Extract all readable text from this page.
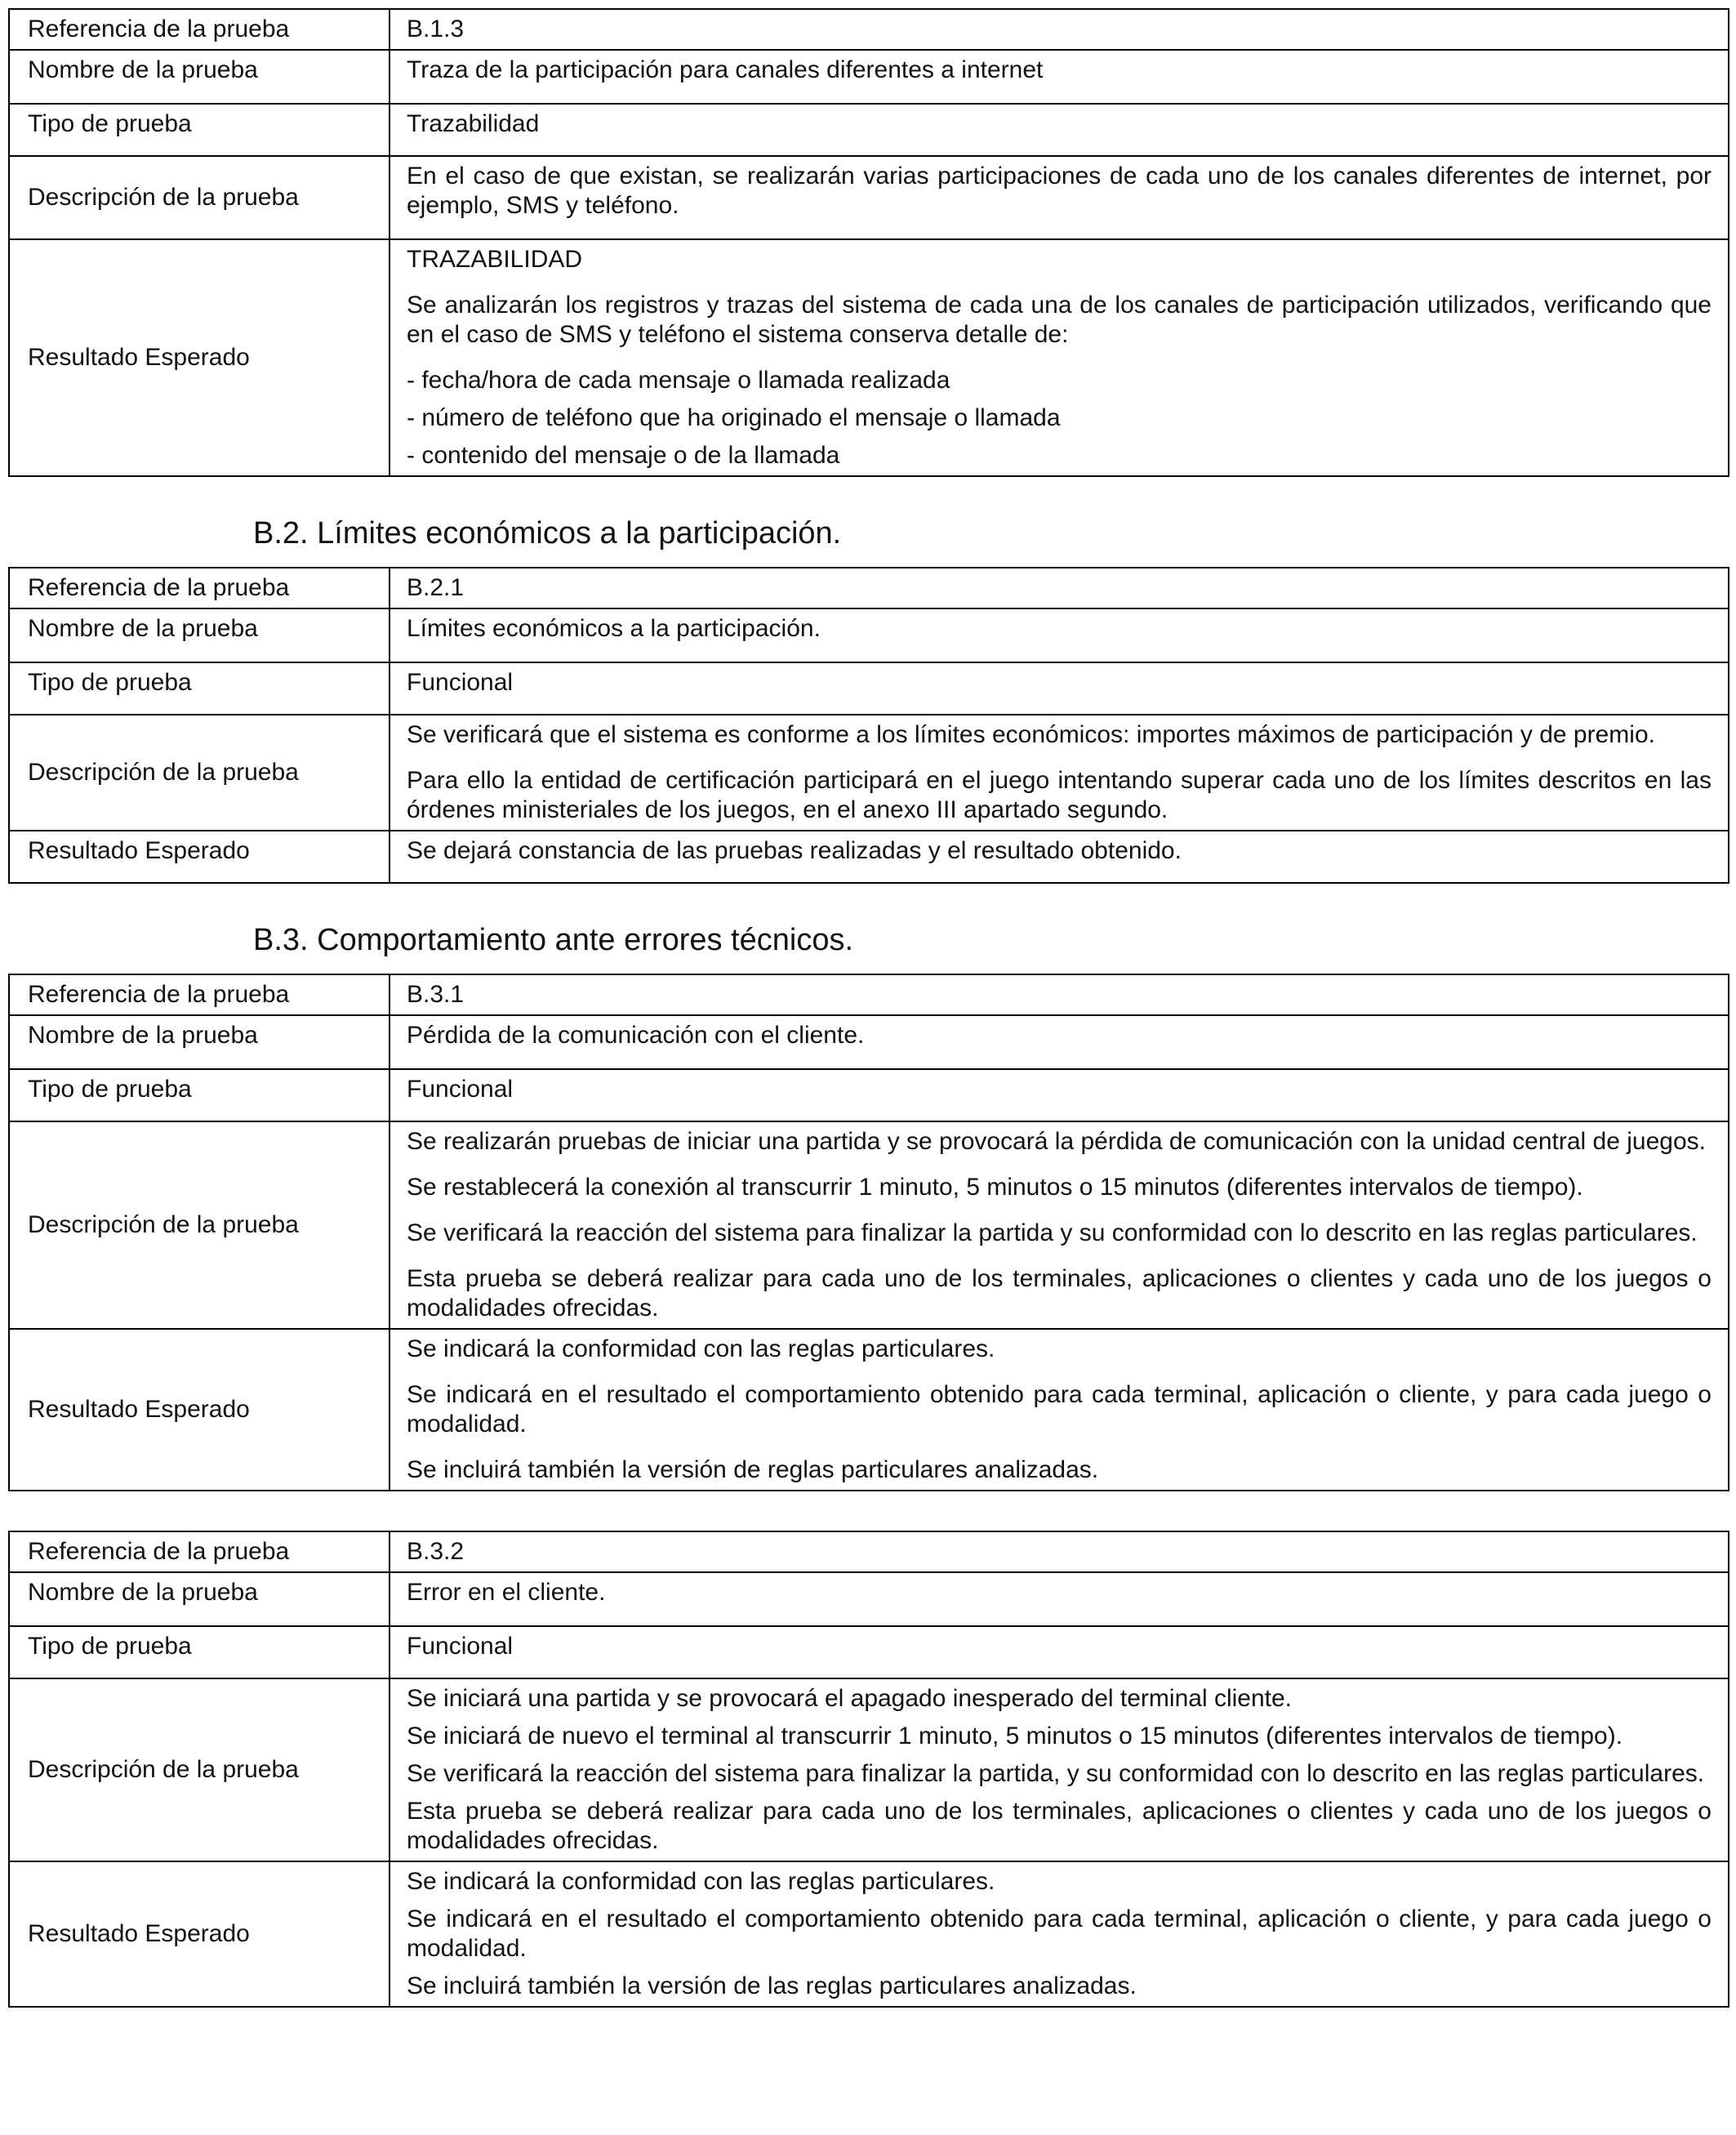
Referencia de la prueba	B.1.3
Nombre de la prueba	Traza de la participación para canales diferentes a internet
Tipo de prueba	Trazabilidad
Descripción de la prueba	En el caso de que existan, se realizarán varias participaciones de cada uno de los canales diferentes de internet, por ejemplo, SMS y teléfono.

Resultado Esperado	TRAZABILIDAD

Se analizarán los registros y trazas del sistema de cada una de los canales de participación utilizados, verificando que en el caso de SMS y teléfono el sistema conserva detalle de:

- fecha/hora de cada mensaje o llamada realizada
- número de teléfono que ha originado el mensaje o llamada
- contenido del mensaje o de la llamada
B.2. Límites económicos a la participación.
Referencia de la prueba	B.2.1
Nombre de la prueba	Límites económicos a la participación.
Tipo de prueba	Funcional
Descripción de la prueba	Se verificará que el sistema es conforme a los límites económicos: importes máximos de participación y de premio.

Para ello la entidad de certificación participará en el juego intentando superar cada uno de los límites descritos en las órdenes ministeriales de los juegos, en el anexo III apartado segundo.

Resultado Esperado	Se dejará constancia de las pruebas realizadas y el resultado obtenido.

B.3. Comportamiento ante errores técnicos.
Referencia de la prueba	B.3.1
Nombre de la prueba	Pérdida de la comunicación con el cliente.
Tipo de prueba	Funcional
Descripción de la prueba	Se realizarán pruebas de iniciar una partida y se provocará la pérdida de comunicación con la unidad central de juegos.

Se restablecerá la conexión al transcurrir 1 minuto, 5 minutos o 15 minutos (diferentes intervalos de tiempo).

Se verificará la reacción del sistema para finalizar la partida y su conformidad con lo descrito en las reglas particulares.

Esta prueba se deberá realizar para cada uno de los terminales, aplicaciones o clientes y cada uno de los juegos o modalidades ofrecidas.

Resultado Esperado	Se indicará la conformidad con las reglas particulares.

Se indicará en el resultado el comportamiento obtenido para cada terminal, aplicación o cliente, y para cada juego o modalidad.

Se incluirá también la versión de reglas particulares analizadas.

Referencia de la prueba	B.3.2
Nombre de la prueba	Error en el cliente.
Tipo de prueba	Funcional
Descripción de la prueba	Se iniciará una partida y se provocará el apagado inesperado del terminal cliente.

Se iniciará de nuevo el terminal al transcurrir 1 minuto, 5 minutos o 15 minutos (diferentes intervalos de tiempo).

Se verificará la reacción del sistema para finalizar la partida, y su conformidad con lo descrito en las reglas particulares.

Esta prueba se deberá realizar para cada uno de los terminales, aplicaciones o clientes y cada uno de los juegos o modalidades ofrecidas.

Resultado Esperado	Se indicará la conformidad con las reglas particulares.

Se indicará en el resultado el comportamiento obtenido para cada terminal, aplicación o cliente, y para cada juego o modalidad.

Se incluirá también la versión de las reglas particulares analizadas.
